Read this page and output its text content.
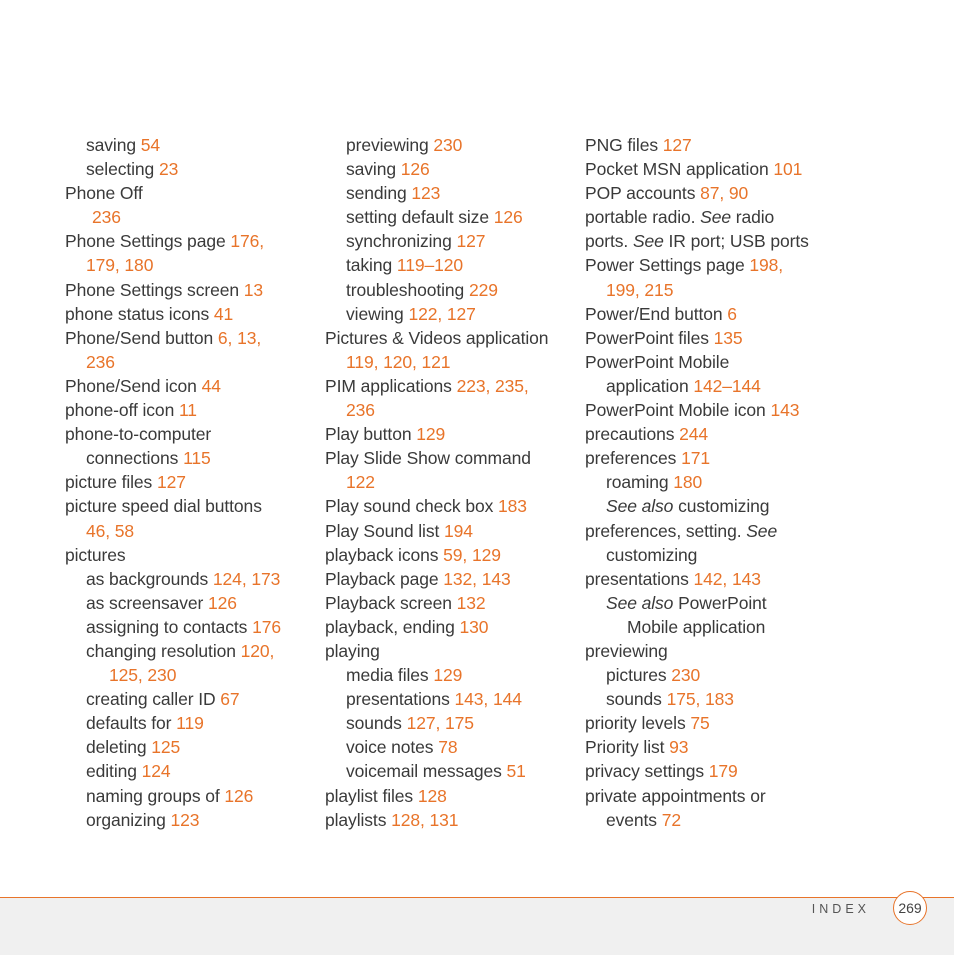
saving 54
selecting 23
Phone Off
236
Phone Settings page 176,
179, 180
Phone Settings screen 13
phone status icons 41
Phone/Send button 6, 13,
236
Phone/Send icon 44
phone-off icon 11
phone-to-computer
connections 115
picture files 127
picture speed dial buttons
46, 58
pictures
as backgrounds 124, 173
as screensaver 126
assigning to contacts 176
changing resolution 120,
125, 230
creating caller ID 67
defaults for 119
deleting 125
editing 124
naming groups of 126
organizing 123
previewing 230
saving 126
sending 123
setting default size 126
synchronizing 127
taking 119–120
troubleshooting 229
viewing 122, 127
Pictures & Videos application
119, 120, 121
PIM applications 223, 235,
236
Play button 129
Play Slide Show command
122
Play sound check box 183
Play Sound list 194
playback icons 59, 129
Playback page 132, 143
Playback screen 132
playback, ending 130
playing
media files 129
presentations 143, 144
sounds 127, 175
voice notes 78
voicemail messages 51
playlist files 128
playlists 128, 131
PNG files 127
Pocket MSN application 101
POP accounts 87, 90
portable radio. See radio
ports. See IR port; USB ports
Power Settings page 198,
199, 215
Power/End button 6
PowerPoint files 135
PowerPoint Mobile
application 142–144
PowerPoint Mobile icon 143
precautions 244
preferences 171
roaming 180
See also customizing
preferences, setting. See
customizing
presentations 142, 143
See also PowerPoint
Mobile application
previewing
pictures 230
sounds 175, 183
priority levels 75
Priority list 93
privacy settings 179
private appointments or
events 72
INDEX	269
